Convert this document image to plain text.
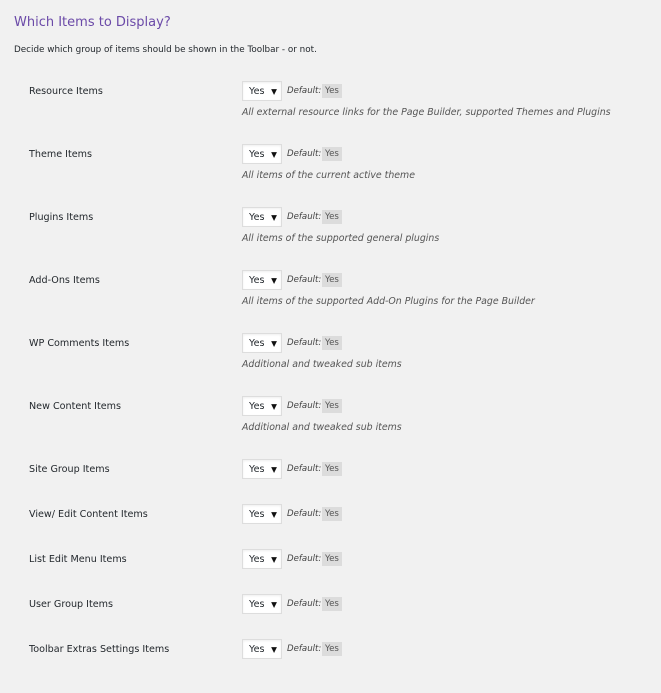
Which Items to Display?

Decide which group of items should be shown in the Toolbar - or not.

Resource Items	Yes ▼ Default: Yes
All external resource links for the Page Builder, supported Themes and Plugins
Theme Items	Yes ▼ Default: Yes
All items of the current active theme
Plugins Items	Yes ▼ Default: Yes
All items of the supported general plugins
Add-Ons Items	Yes ▼ Default: Yes
All items of the supported Add-On Plugins for the Page Builder
WP Comments Items	Yes ▼ Default: Yes
Additional and tweaked sub items
New Content Items	Yes ▼ Default: Yes
Additional and tweaked sub items
Site Group Items	Yes ▼ Default: Yes
View/ Edit Content Items	Yes ▼ Default: Yes
List Edit Menu Items	Yes ▼ Default: Yes
User Group Items	Yes ▼ Default: Yes
Toolbar Extras Settings Items	Yes ▼ Default: Yes
